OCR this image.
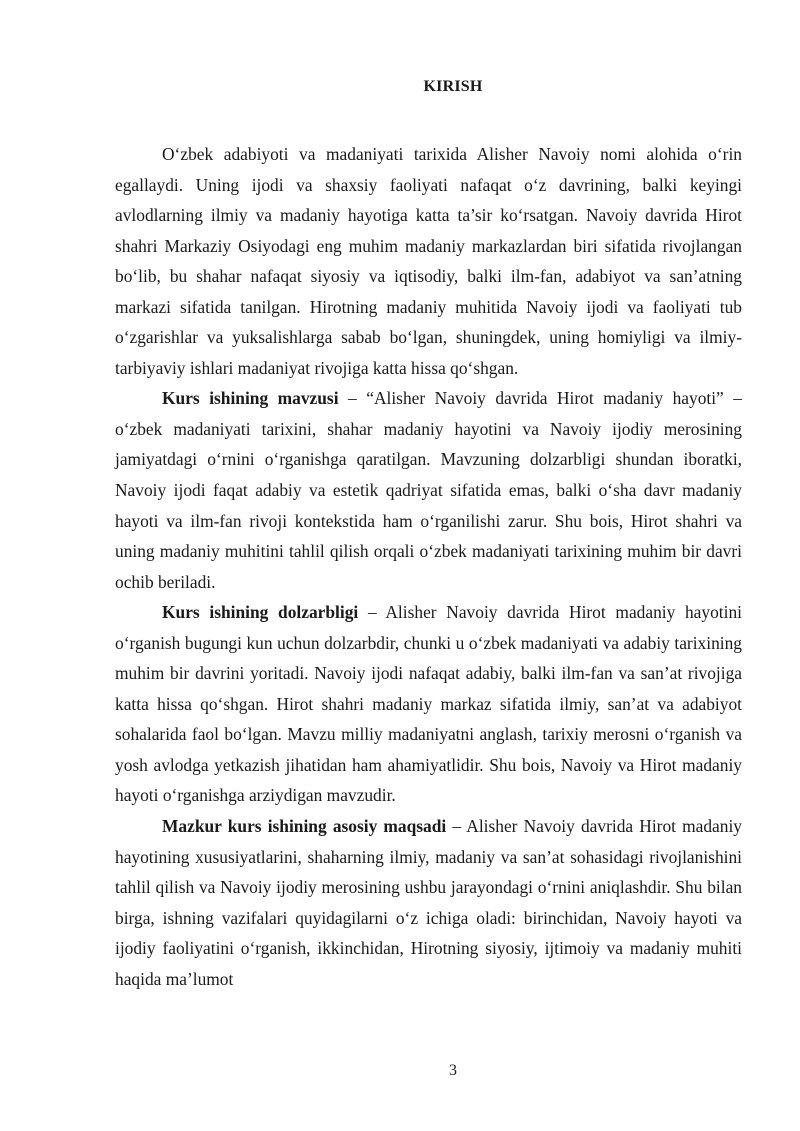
KIRISH

O‘zbek adabiyoti va madaniyati tarixida Alisher Navoiy nomi alohida o‘rin egallaydi. Uning ijodi va shaxsiy faoliyati nafaqat o‘z davrining, balki keyingi avlodlarning ilmiy va madaniy hayotiga katta ta’sir ko‘rsatgan. Navoiy davrida Hirot shahri Markaziy Osiyodagi eng muhim madaniy markazlardan biri sifatida rivojlangan bo‘lib, bu shahar nafaqat siyosiy va iqtisodiy, balki ilm-fan, adabiyot va san’atning markazi sifatida tanilgan. Hirotning madaniy muhitida Navoiy ijodi va faoliyati tub o‘zgarishlar va yuksalishlarga sabab bo‘lgan, shuningdek, uning homiyligi va ilmiy-tarbiyaviy ishlari madaniyat rivojiga katta hissa qo‘shgan.

Kurs ishining mavzusi – “Alisher Navoiy davrida Hirot madaniy hayoti” – o‘zbek madaniyati tarixini, shahar madaniy hayotini va Navoiy ijodiy merosining jamiyatdagi o‘rnini o‘rganishga qaratilgan. Mavzuning dolzarbligi shundan iboratki, Navoiy ijodi faqat adabiy va estetik qadriyat sifatida emas, balki o‘sha davr madaniy hayoti va ilm-fan rivoji kontekstida ham o‘rganilishi zarur. Shu bois, Hirot shahri va uning madaniy muhitini tahlil qilish orqali o‘zbek madaniyati tarixining muhim bir davri ochib beriladi.

Kurs ishining dolzarbligi – Alisher Navoiy davrida Hirot madaniy hayotini o‘rganish bugungi kun uchun dolzarbdir, chunki u o‘zbek madaniyati va adabiy tarixining muhim bir davrini yoritadi. Navoiy ijodi nafaqat adabiy, balki ilm-fan va san’at rivojiga katta hissa qo‘shgan. Hirot shahri madaniy markaz sifatida ilmiy, san’at va adabiyot sohalarida faol bo‘lgan. Mavzu milliy madaniyatni anglash, tarixiy merosni o‘rganish va yosh avlodga yetkazish jihatidan ham ahamiyatlidir. Shu bois, Navoiy va Hirot madaniy hayoti o‘rganishga arziydigan mavzudir.

Mazkur kurs ishining asosiy maqsadi – Alisher Navoiy davrida Hirot madaniy hayotining xususiyatlarini, shaharning ilmiy, madaniy va san’at sohasidagi rivojlanishini tahlil qilish va Navoiy ijodiy merosining ushbu jarayondagi o‘rnini aniqlashdir. Shu bilan birga, ishning vazifalari quyidagilarni o‘z ichiga oladi: birinchidan, Navoiy hayoti va ijodiy faoliyatini o‘rganish, ikkinchidan, Hirotning siyosiy, ijtimoiy va madaniy muhiti haqida ma’lumot

3
